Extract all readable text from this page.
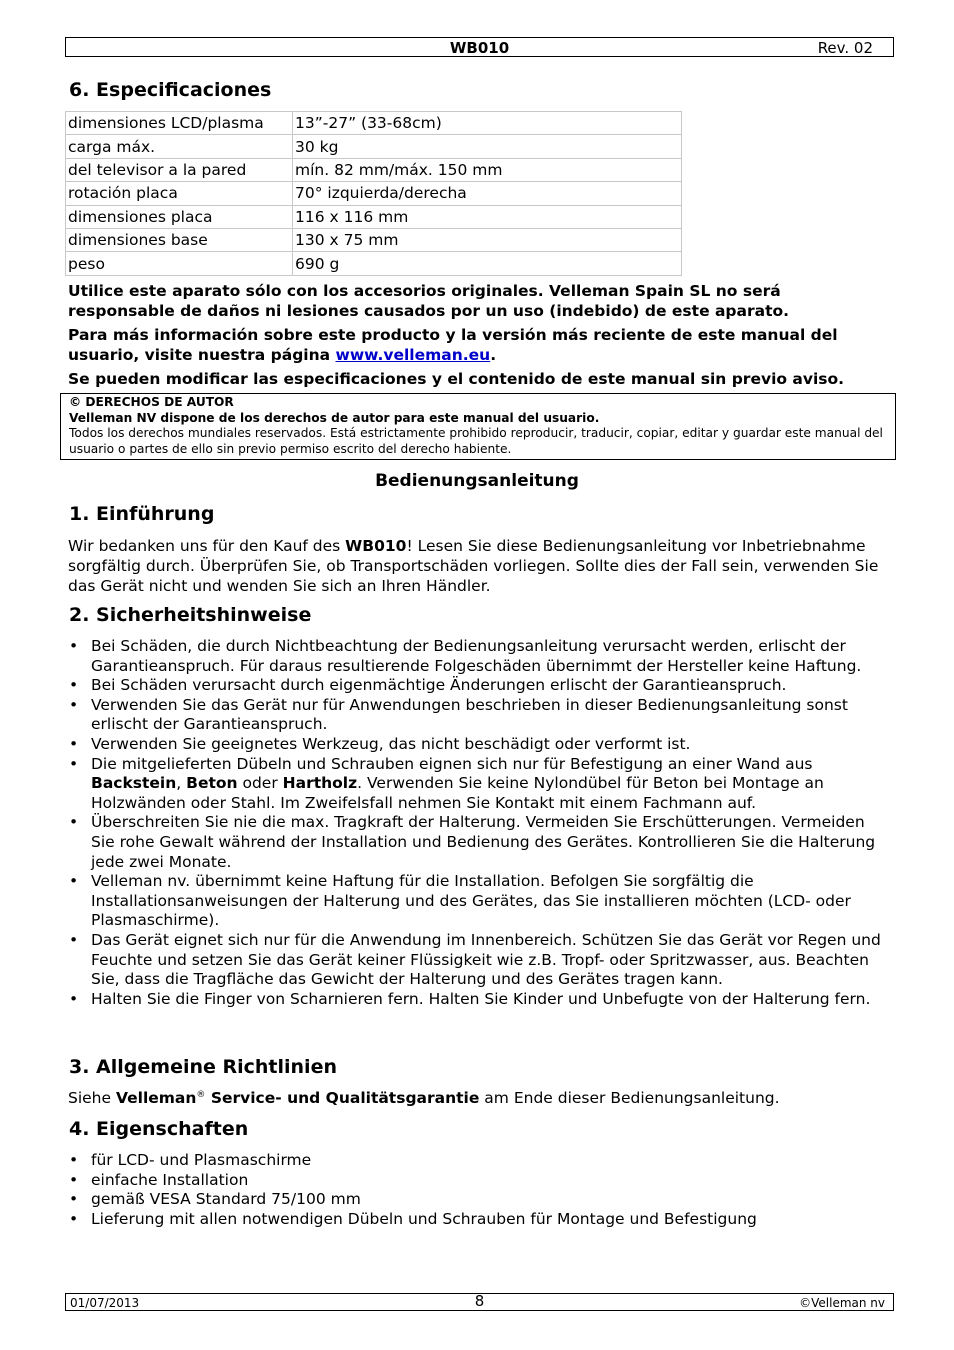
WB010	Rev. 02
6. Especificaciones
dimensiones LCD/plasma	13”-27” (33-68cm)
carga máx.	30 kg
del televisor a la pared	mín. 82 mm/máx. 150 mm
rotación placa	70° izquierda/derecha
dimensiones placa	116 x 116 mm
dimensiones base	130 x 75 mm
peso	690 g

Utilice este aparato sólo con los accesorios originales. Velleman Spain SL no será responsable de daños ni lesiones causados por un uso (indebido) de este aparato.

Para más información sobre este producto y la versión más reciente de este manual del usuario, visite nuestra página www.velleman.eu.

Se pueden modificar las especificaciones y el contenido de este manual sin previo aviso.

© DERECHOS DE AUTOR
Velleman NV dispone de los derechos de autor para este manual del usuario.
Todos los derechos mundiales reservados. Está estrictamente prohibido reproducir, traducir, copiar, editar y guardar este manual del usuario o partes de ello sin previo permiso escrito del derecho habiente.
Bedienungsanleitung
1. Einführung

Wir bedanken uns für den Kauf des WB010! Lesen Sie diese Bedienungsanleitung vor Inbetriebnahme sorgfältig durch. Überprüfen Sie, ob Transportschäden vorliegen. Sollte dies der Fall sein, verwenden Sie das Gerät nicht und wenden Sie sich an Ihren Händler.

2. Sicherheitshinweise
• Bei Schäden, die durch Nichtbeachtung der Bedienungsanleitung verursacht werden, erlischt der Garantieanspruch. Für daraus resultierende Folgeschäden übernimmt der Hersteller keine Haftung.
• Bei Schäden verursacht durch eigenmächtige Änderungen erlischt der Garantieanspruch.
• Verwenden Sie das Gerät nur für Anwendungen beschrieben in dieser Bedienungsanleitung sonst erlischt der Garantieanspruch.
• Verwenden Sie geeignetes Werkzeug, das nicht beschädigt oder verformt ist.
• Die mitgelieferten Dübeln und Schrauben eignen sich nur für Befestigung an einer Wand aus Backstein, Beton oder Hartholz. Verwenden Sie keine Nylondübel für Beton bei Montage an Holzwänden oder Stahl. Im Zweifelsfall nehmen Sie Kontakt mit einem Fachmann auf.
• Überschreiten Sie nie die max. Tragkraft der Halterung. Vermeiden Sie Erschütterungen. Vermeiden Sie rohe Gewalt während der Installation und Bedienung des Gerätes. Kontrollieren Sie die Halterung jede zwei Monate.
• Velleman nv. übernimmt keine Haftung für die Installation. Befolgen Sie sorgfältig die Installationsanweisungen der Halterung und des Gerätes, das Sie installieren möchten (LCD- oder Plasmaschirme).
• Das Gerät eignet sich nur für die Anwendung im Innenbereich. Schützen Sie das Gerät vor Regen und Feuchte und setzen Sie das Gerät keiner Flüssigkeit wie z.B. Tropf- oder Spritzwasser, aus. Beachten Sie, dass die Tragfläche das Gewicht der Halterung und des Gerätes tragen kann.
• Halten Sie die Finger von Scharnieren fern. Halten Sie Kinder und Unbefugte von der Halterung fern.
3. Allgemeine Richtlinien

Siehe Velleman® Service- und Qualitätsgarantie am Ende dieser Bedienungsanleitung.

4. Eigenschaften
• für LCD- und Plasmaschirme
• einfache Installation
• gemäß VESA Standard 75/100 mm
• Lieferung mit allen notwendigen Dübeln und Schrauben für Montage und Befestigung
01/07/2013	8	©Velleman nv
